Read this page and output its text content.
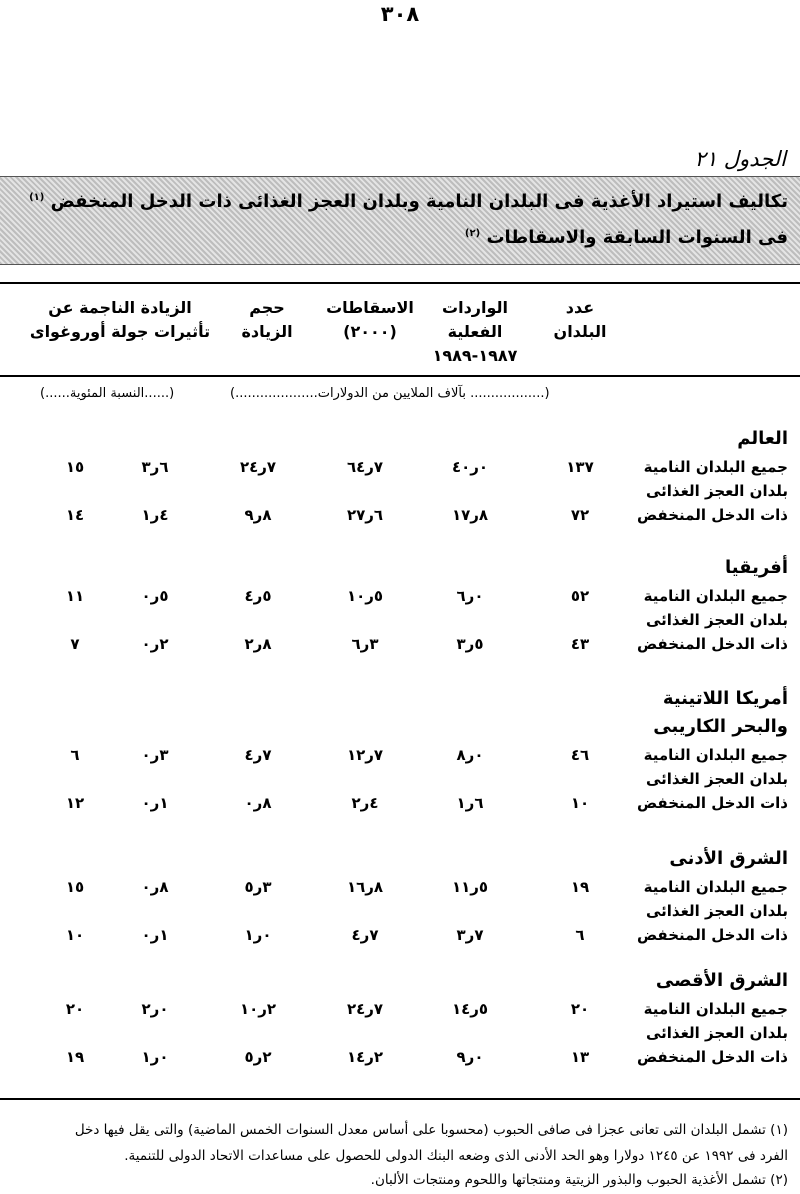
٣٠٨
الجدول ٢١
تكاليف استيراد الأغذية فى البلدان النامية وبلدان العجز الغذائى ذات الدخل المنخفض $^{(١)}$
فى السنوات السابقة والاسقاطات $^{(٢)}$
عدد
البلدان
الواردات
الفعلية
١٩٨٧-١٩٨٩
الاسقاطات
(٢٠٠٠)
حجم
الزيادة
الزيادة الناجمة عن
تأثيرات جولة أوروغواى
(.................. بآلاف الملايين من الدولارات....................)
(......النسبة المئوية......)
العالم
جميع البلدان النامية
١٣٧
٠ر٤٠
٧ر٦٤
٧ر٢٤
٦ر٣
١٥
بلدان العجز الغذائى
ذات الدخل المنخفض
٧٢
٨ر١٧
٦ر٢٧
٨ر٩
٤ر١
١٤
أفريقيا
جميع البلدان النامية
٥٢
٠ر٦
٥ر١٠
٥ر٤
٥ر٠
١١
بلدان العجز الغذائى
ذات الدخل المنخفض
٤٣
٥ر٣
٣ر٦
٨ر٢
٢ر٠
٧
أمريكا اللاتينية
والبحر الكاريبى
جميع البلدان النامية
٤٦
٠ر٨
٧ر١٢
٧ر٤
٣ر٠
٦
بلدان العجز الغذائى
ذات الدخل المنخفض
١٠
٦ر١
٤ر٢
٨ر٠
١ر٠
١٢
الشرق الأدنى
جميع البلدان النامية
١٩
٥ر١١
٨ر١٦
٣ر٥
٨ر٠
١٥
بلدان العجز الغذائى
ذات الدخل المنخفض
٦
٧ر٣
٧ر٤
٠ر١
١ر٠
١٠
الشرق الأقصى
جميع البلدان النامية
٢٠
٥ر١٤
٧ر٢٤
٢ر١٠
٠ر٢
٢٠
بلدان العجز الغذائى
ذات الدخل المنخفض
١٣
٠ر٩
٢ر١٤
٢ر٥
٠ر١
١٩
(١) تشمل البلدان التى تعانى عجزا فى صافى الحبوب (محسوبا على أساس معدل السنوات الخمس الماضية) والتى يقل فيها دخل
الفرد فى ١٩٩٢ عن ١٢٤٥ دولارا وهو الحد الأدنى الذى وضعه البنك الدولى للحصول على مساعدات الاتحاد الدولى للتنمية.
(٢) تشمل الأغذية الحبوب والبذور الزيتية ومنتجاتها واللحوم ومنتجات الألبان.
